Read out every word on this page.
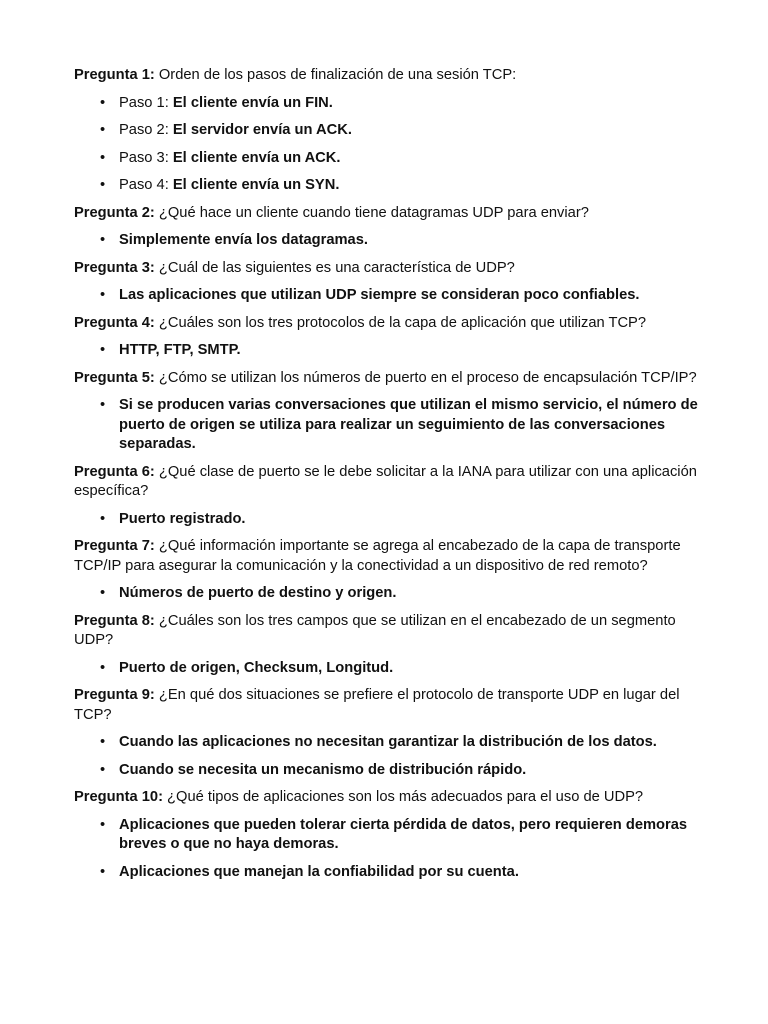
Pregunta 1: Orden de los pasos de finalización de una sesión TCP:
• Paso 1: El cliente envía un FIN.
• Paso 2: El servidor envía un ACK.
• Paso 3: El cliente envía un ACK.
• Paso 4: El cliente envía un SYN.
Pregunta 2: ¿Qué hace un cliente cuando tiene datagramas UDP para enviar?
• Simplemente envía los datagramas.
Pregunta 3: ¿Cuál de las siguientes es una característica de UDP?
• Las aplicaciones que utilizan UDP siempre se consideran poco confiables.
Pregunta 4: ¿Cuáles son los tres protocolos de la capa de aplicación que utilizan TCP?
• HTTP, FTP, SMTP.
Pregunta 5: ¿Cómo se utilizan los números de puerto en el proceso de encapsulación TCP/IP?
• Si se producen varias conversaciones que utilizan el mismo servicio, el número de puerto de origen se utiliza para realizar un seguimiento de las conversaciones separadas.
Pregunta 6: ¿Qué clase de puerto se le debe solicitar a la IANA para utilizar con una aplicación específica?
• Puerto registrado.
Pregunta 7: ¿Qué información importante se agrega al encabezado de la capa de transporte TCP/IP para asegurar la comunicación y la conectividad a un dispositivo de red remoto?
• Números de puerto de destino y origen.
Pregunta 8: ¿Cuáles son los tres campos que se utilizan en el encabezado de un segmento UDP?
• Puerto de origen, Checksum, Longitud.
Pregunta 9: ¿En qué dos situaciones se prefiere el protocolo de transporte UDP en lugar del TCP?
• Cuando las aplicaciones no necesitan garantizar la distribución de los datos.
• Cuando se necesita un mecanismo de distribución rápido.
Pregunta 10: ¿Qué tipos de aplicaciones son los más adecuados para el uso de UDP?
• Aplicaciones que pueden tolerar cierta pérdida de datos, pero requieren demoras breves o que no haya demoras.
• Aplicaciones que manejan la confiabilidad por su cuenta.
